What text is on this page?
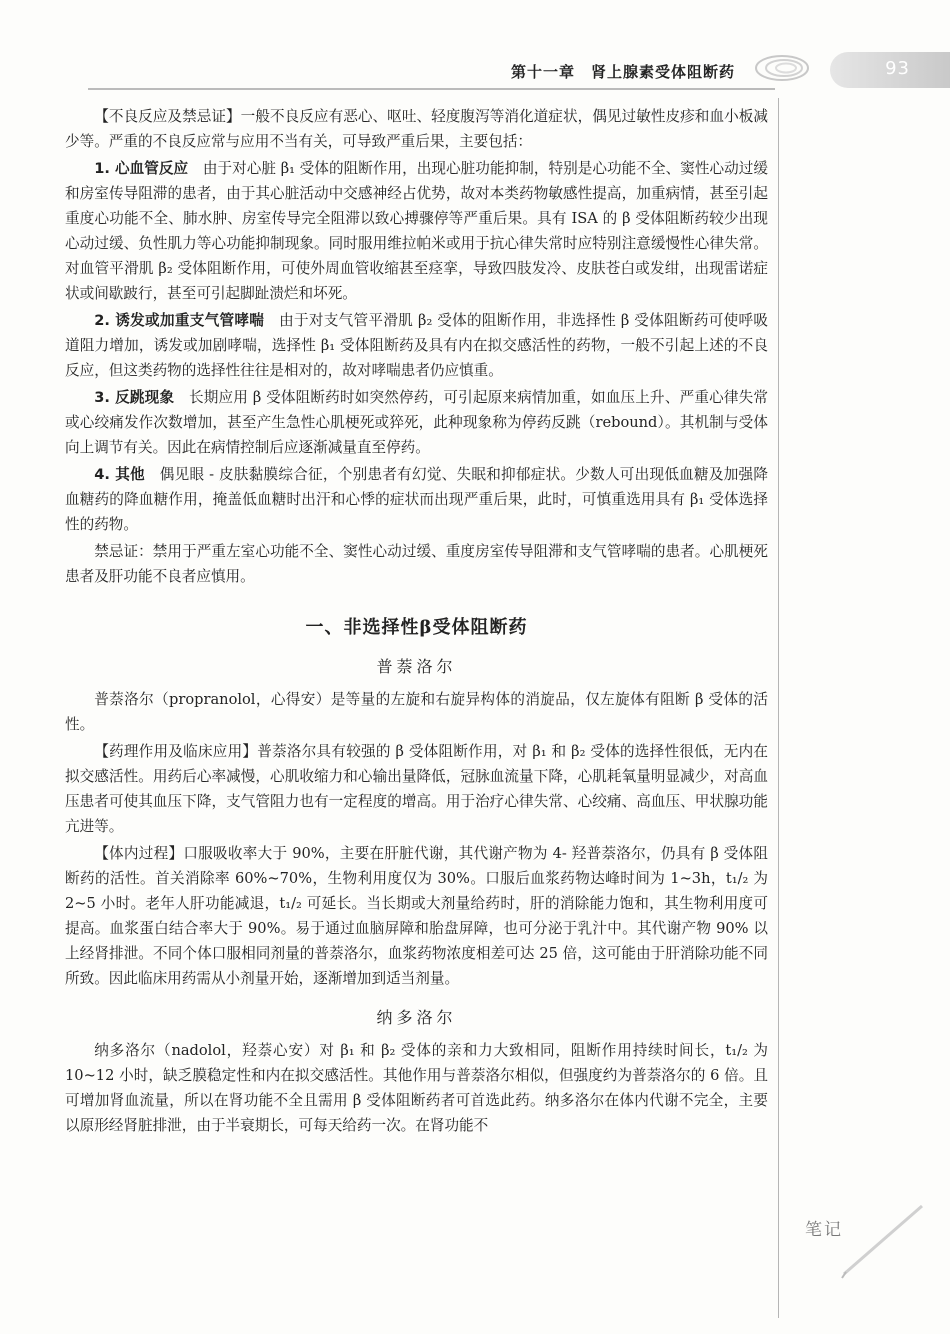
第十一章　肾上腺素受体阻断药	93

【不良反应及禁忌证】一般不良反应有恶心、呕吐、轻度腹泻等消化道症状，偶见过敏性皮疹和血小板减少等。严重的不良反应常与应用不当有关，可导致严重后果，主要包括：

1. 心血管反应　由于对心脏 β₁ 受体的阻断作用，出现心脏功能抑制，特别是心功能不全、窦性心动过缓和房室传导阻滞的患者，由于其心脏活动中交感神经占优势，故对本类药物敏感性提高，加重病情，甚至引起重度心功能不全、肺水肿、房室传导完全阻滞以致心搏骤停等严重后果。具有 ISA 的 β 受体阻断药较少出现心动过缓、负性肌力等心功能抑制现象。同时服用维拉帕米或用于抗心律失常时应特别注意缓慢性心律失常。对血管平滑肌 β₂ 受体阻断作用，可使外周血管收缩甚至痉挛，导致四肢发冷、皮肤苍白或发绀，出现雷诺症状或间歇跛行，甚至可引起脚趾溃烂和坏死。

2. 诱发或加重支气管哮喘　由于对支气管平滑肌 β₂ 受体的阻断作用，非选择性 β 受体阻断药可使呼吸道阻力增加，诱发或加剧哮喘，选择性 β₁ 受体阻断药及具有内在拟交感活性的药物，一般不引起上述的不良反应，但这类药物的选择性往往是相对的，故对哮喘患者仍应慎重。

3. 反跳现象　长期应用 β 受体阻断药时如突然停药，可引起原来病情加重，如血压上升、严重心律失常或心绞痛发作次数增加，甚至产生急性心肌梗死或猝死，此种现象称为停药反跳（rebound）。其机制与受体向上调节有关。因此在病情控制后应逐渐减量直至停药。

4. 其他　偶见眼 - 皮肤黏膜综合征，个别患者有幻觉、失眠和抑郁症状。少数人可出现低血糖及加强降血糖药的降血糖作用，掩盖低血糖时出汗和心悸的症状而出现严重后果，此时，可慎重选用具有 β₁ 受体选择性的药物。

禁忌证：禁用于严重左室心功能不全、窦性心动过缓、重度房室传导阻滞和支气管哮喘的患者。心肌梗死患者及肝功能不良者应慎用。

一、非选择性β受体阻断药
普萘洛尔

普萘洛尔（propranolol，心得安）是等量的左旋和右旋异构体的消旋品，仅左旋体有阻断 β 受体的活性。

【药理作用及临床应用】普萘洛尔具有较强的 β 受体阻断作用，对 β₁ 和 β₂ 受体的选择性很低，无内在拟交感活性。用药后心率减慢，心肌收缩力和心输出量降低，冠脉血流量下降，心肌耗氧量明显减少，对高血压患者可使其血压下降，支气管阻力也有一定程度的增高。用于治疗心律失常、心绞痛、高血压、甲状腺功能亢进等。

【体内过程】口服吸收率大于 90%，主要在肝脏代谢，其代谢产物为 4- 羟普萘洛尔，仍具有 β 受体阻断药的活性。首关消除率 60%~70%，生物利用度仅为 30%。口服后血浆药物达峰时间为 1~3h，t₁/₂ 为 2~5 小时。老年人肝功能减退，t₁/₂ 可延长。当长期或大剂量给药时，肝的消除能力饱和，其生物利用度可提高。血浆蛋白结合率大于 90%。易于通过血脑屏障和胎盘屏障，也可分泌于乳汁中。其代谢产物 90% 以上经肾排泄。不同个体口服相同剂量的普萘洛尔，血浆药物浓度相差可达 25 倍，这可能由于肝消除功能不同所致。因此临床用药需从小剂量开始，逐渐增加到适当剂量。

纳多洛尔

纳多洛尔（nadolol，羟萘心安）对 β₁ 和 β₂ 受体的亲和力大致相同，阻断作用持续时间长，t₁/₂ 为 10~12 小时，缺乏膜稳定性和内在拟交感活性。其他作用与普萘洛尔相似，但强度约为普萘洛尔的 6 倍。且可增加肾血流量，所以在肾功能不全且需用 β 受体阻断药者可首选此药。纳多洛尔在体内代谢不完全，主要以原形经肾脏排泄，由于半衰期长，可每天给药一次。在肾功能不

笔记
